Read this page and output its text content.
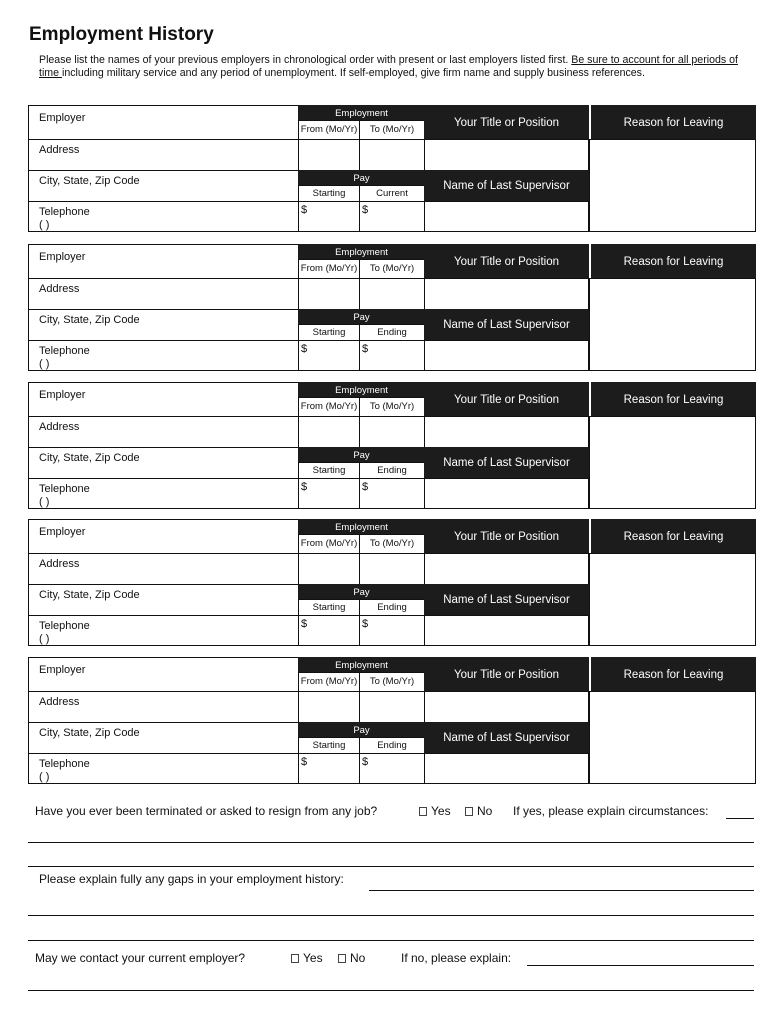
Employment History
Please list the names of your previous employers in chronological order with present or last employers listed first. Be sure to account for all periods of time including military service and any period of unemployment. If self-employed, give firm name and supply business references.
Employer
Address
City, State, Zip Code
Telephone
( )
Employment
From (Mo/Yr)	To (Mo/Yr)
Pay
Starting	Current
$	$
Your Title or Position
Name of Last Supervisor
Reason for Leaving
Employer
Address
City, State, Zip Code
Telephone
( )
Employment
From (Mo/Yr)	To (Mo/Yr)
Pay
Starting	Ending
$	$
Your Title or Position
Name of Last Supervisor
Reason for Leaving
Employer
Address
City, State, Zip Code
Telephone
( )
Employment
From (Mo/Yr)	To (Mo/Yr)
Pay
Starting	Ending
$	$
Your Title or Position
Name of Last Supervisor
Reason for Leaving
Employer
Address
City, State, Zip Code
Telephone
( )
Employment
From (Mo/Yr)	To (Mo/Yr)
Pay
Starting	Ending
$	$
Your Title or Position
Name of Last Supervisor
Reason for Leaving
Employer
Address
City, State, Zip Code
Telephone
( )
Employment
From (Mo/Yr)	To (Mo/Yr)
Pay
Starting	Ending
$	$
Your Title or Position
Name of Last Supervisor
Reason for Leaving
Have you ever been terminated or asked to resign from any job?	Yes	No If yes, please explain circumstances:
Please explain fully any gaps in your employment history:
May we contact your current employer?	Yes	No	If no, please explain:
